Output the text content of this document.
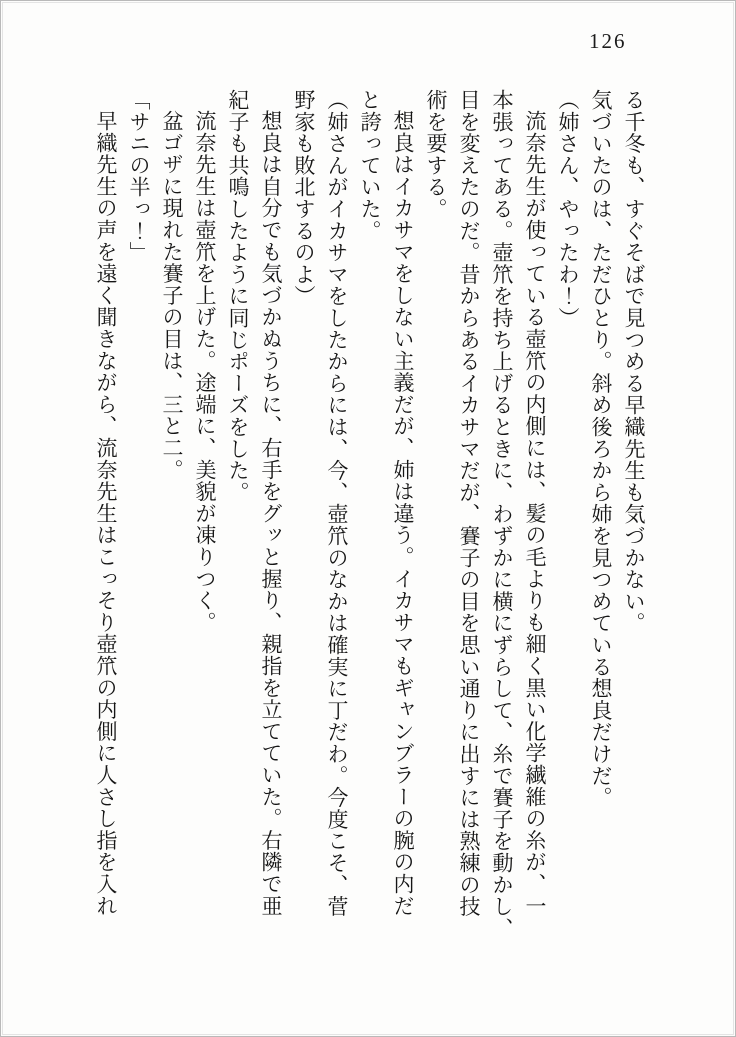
126

る千冬も、すぐそばで見つめる早織先生も気づかない。

気づいたのは、ただひとり。斜め後ろから姉を見つめている想良だけだ。

（姉さん、やったわ！）

流奈先生が使っている壺笊の内側には、髪の毛よりも細く黒い化学繊維の糸が、一

本張ってある。壺笊を持ち上げるときに、わずかに横にずらして、糸で賽子を動かし、

目を変えたのだ。昔からあるイカサマだが、賽子の目を思い通りに出すには熟練の技

術を要する。

想良はイカサマをしない主義だが、姉は違う。イカサマもギャンブラーの腕の内だ

と誇っていた。

（姉さんがイカサマをしたからには、今、壺笊のなかは確実に丁だわ。今度こそ、菅

野家も敗北するのよ）

想良は自分でも気づかぬうちに、右手をグッと握り、親指を立てていた。右隣で亜

紀子も共鳴したように同じポーズをした。

流奈先生は壺笊を上げた。途端に、美貌が凍りつく。

盆ゴザに現れた賽子の目は、三と二。

「サニの半っ！」

早織先生の声を遠く聞きながら、流奈先生はこっそり壺笊の内側に人さし指を入れ
